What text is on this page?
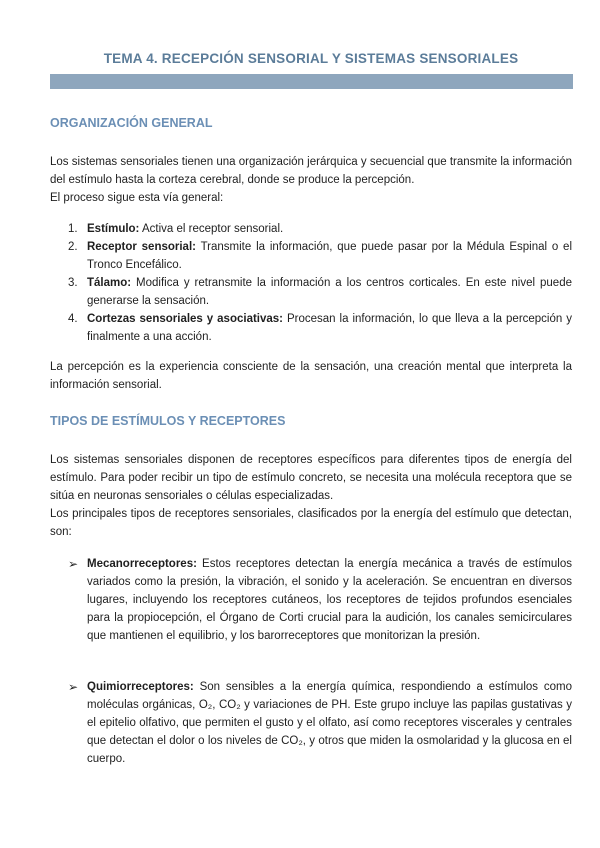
TEMA 4. RECEPCIÓN SENSORIAL Y SISTEMAS SENSORIALES
ORGANIZACIÓN GENERAL

Los sistemas sensoriales tienen una organización jerárquica y secuencial que transmite la información del estímulo hasta la corteza cerebral, donde se produce la percepción.

El proceso sigue esta vía general:

1. Estímulo: Activa el receptor sensorial.
2. Receptor sensorial: Transmite la información, que puede pasar por la Médula Espinal o el Tronco Encefálico.
3. Tálamo: Modifica y retransmite la información a los centros corticales. En este nivel puede generarse la sensación.
4. Cortezas sensoriales y asociativas: Procesan la información, lo que lleva a la percepción y finalmente a una acción.

La percepción es la experiencia consciente de la sensación, una creación mental que interpreta la información sensorial.

TIPOS DE ESTÍMULOS Y RECEPTORES

Los sistemas sensoriales disponen de receptores específicos para diferentes tipos de energía del estímulo. Para poder recibir un tipo de estímulo concreto, se necesita una molécula receptora que se sitúa en neuronas sensoriales o células especializadas.

Los principales tipos de receptores sensoriales, clasificados por la energía del estímulo que detectan, son:

➢ Mecanorreceptores: Estos receptores detectan la energía mecánica a través de estímulos variados como la presión, la vibración, el sonido y la aceleración. Se encuentran en diversos lugares, incluyendo los receptores cutáneos, los receptores de tejidos profundos esenciales para la propiocepción, el Órgano de Corti crucial para la audición, los canales semicirculares que mantienen el equilibrio, y los barorreceptores que monitorizan la presión.
➢ Quimiorreceptores: Son sensibles a la energía química, respondiendo a estímulos como moléculas orgánicas, O₂, CO₂ y variaciones de PH. Este grupo incluye las papilas gustativas y el epitelio olfativo, que permiten el gusto y el olfato, así como receptores viscerales y centrales que detectan el dolor o los niveles de CO₂, y otros que miden la osmolaridad y la glucosa en el cuerpo.
